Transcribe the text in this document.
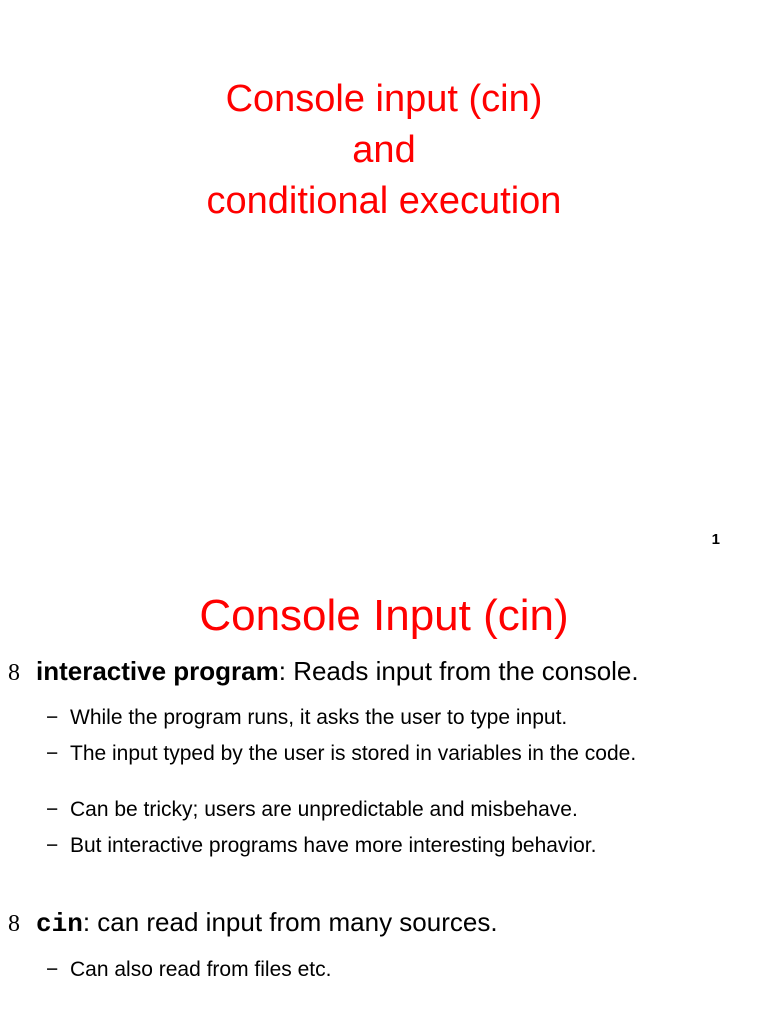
Console input (cin)
and
conditional execution
1
Console Input (cin)
8 interactive program: Reads input from the console.
− While the program runs, it asks the user to type input.
− The input typed by the user is stored in variables in the code.
− Can be tricky; users are unpredictable and misbehave.
− But interactive programs have more interesting behavior.
8 cin: can read input from many sources.
− Can also read from files etc.
